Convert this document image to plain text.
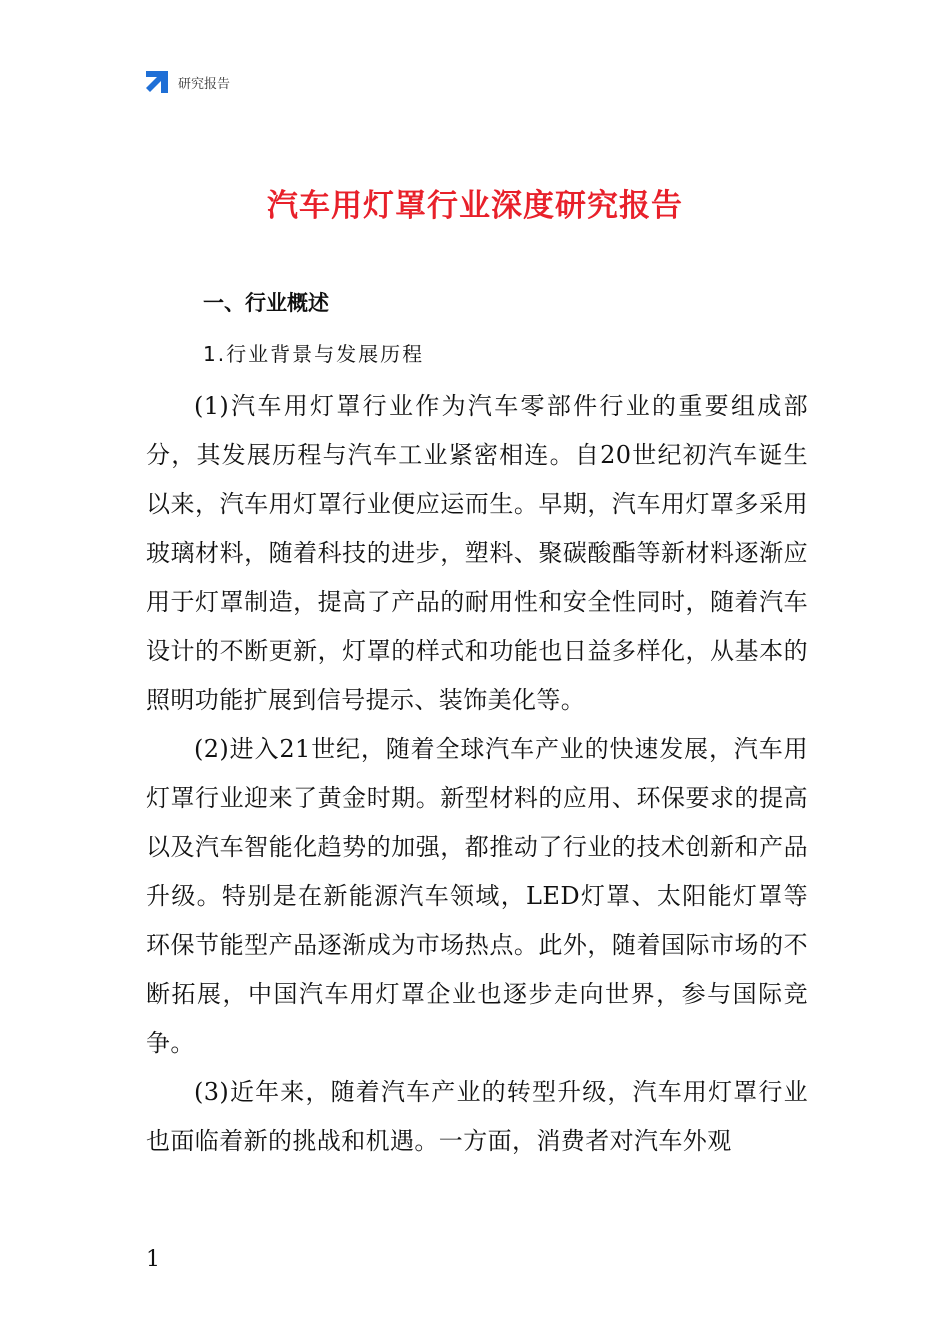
研究报告
汽车用灯罩行业深度研究报告
一、行业概述
1.行业背景与发展历程

(1)汽车用灯罩行业作为汽车零部件行业的重要组成部分，其发展历程与汽车工业紧密相连。自20世纪初汽车诞生以来，汽车用灯罩行业便应运而生。早期，汽车用灯罩多采用玻璃材料，随着科技的进步，塑料、聚碳酸酯等新材料逐渐应用于灯罩制造，提高了产品的耐用性和安全性同时，随着汽车设计的不断更新，灯罩的样式和功能也日益多样化，从基本的照明功能扩展到信号提示、装饰美化等。

(2)进入21世纪，随着全球汽车产业的快速发展，汽车用灯罩行业迎来了黄金时期。新型材料的应用、环保要求的提高以及汽车智能化趋势的加强，都推动了行业的技术创新和产品升级。特别是在新能源汽车领域，LED灯罩、太阳能灯罩等环保节能型产品逐渐成为市场热点。此外，随着国际市场的不断拓展，中国汽车用灯罩企业也逐步走向世界，参与国际竞争。

(3)近年来，随着汽车产业的转型升级，汽车用灯罩行业也面临着新的挑战和机遇。一方面，消费者对汽车外观

1
